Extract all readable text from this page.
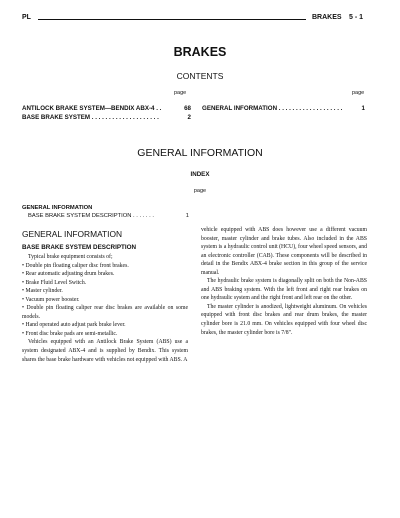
PL	BRAKES 5 - 1
BRAKES
CONTENTS
page	page
ANTILOCK BRAKE SYSTEM—BENDIX ABX-4 . .	68
BASE BRAKE SYSTEM . . . . . . . . . . . . . . . . . . . .	2
GENERAL INFORMATION . . . . . . . . . . . . . . . . . . .	1
GENERAL INFORMATION
INDEX
page
GENERAL INFORMATION
BASE BRAKE SYSTEM DESCRIPTION . . . . . . .	1
GENERAL INFORMATION
BASE BRAKE SYSTEM DESCRIPTION

Typical brake equipment consists of;

• Double pin floating caliper disc front brakes.

• Rear automatic adjusting drum brakes.

• Brake Fluid Level Switch.

• Master cylinder.

• Vacuum power booster.

• Double pin floating caliper rear disc brakes are available on some models.

• Hand operated auto adjust park brake lever.

• Front disc brake pads are semi-metallic.

Vehicles equipped with an Antilock Brake System (ABS) use a system designated ABX-4 and is supplied by Bendix. This system shares the base brake hardware with vehicles not equipped with ABS. A

vehicle equipped with ABS does however use a different vacuum booster, master cylinder and brake tubes. Also included in the ABS system is a hydraulic control unit (HCU), four wheel speed sensors, and an electronic controller (CAB). These components will be described in detail in the Bendix ABX-4 brake section in this group of the service manual.

The hydraulic brake system is diagonally split on both the Non-ABS and ABS braking system. With the left front and right rear brakes on one hydraulic system and the right front and left rear on the other.

The master cylinder is anodized, lightweight aluminum. On vehicles equipped with front disc brakes and rear drum brakes, the master cylinder bore is 21.0 mm. On vehicles equipped with four wheel disc brakes, the master cylinder bore is 7/8".
